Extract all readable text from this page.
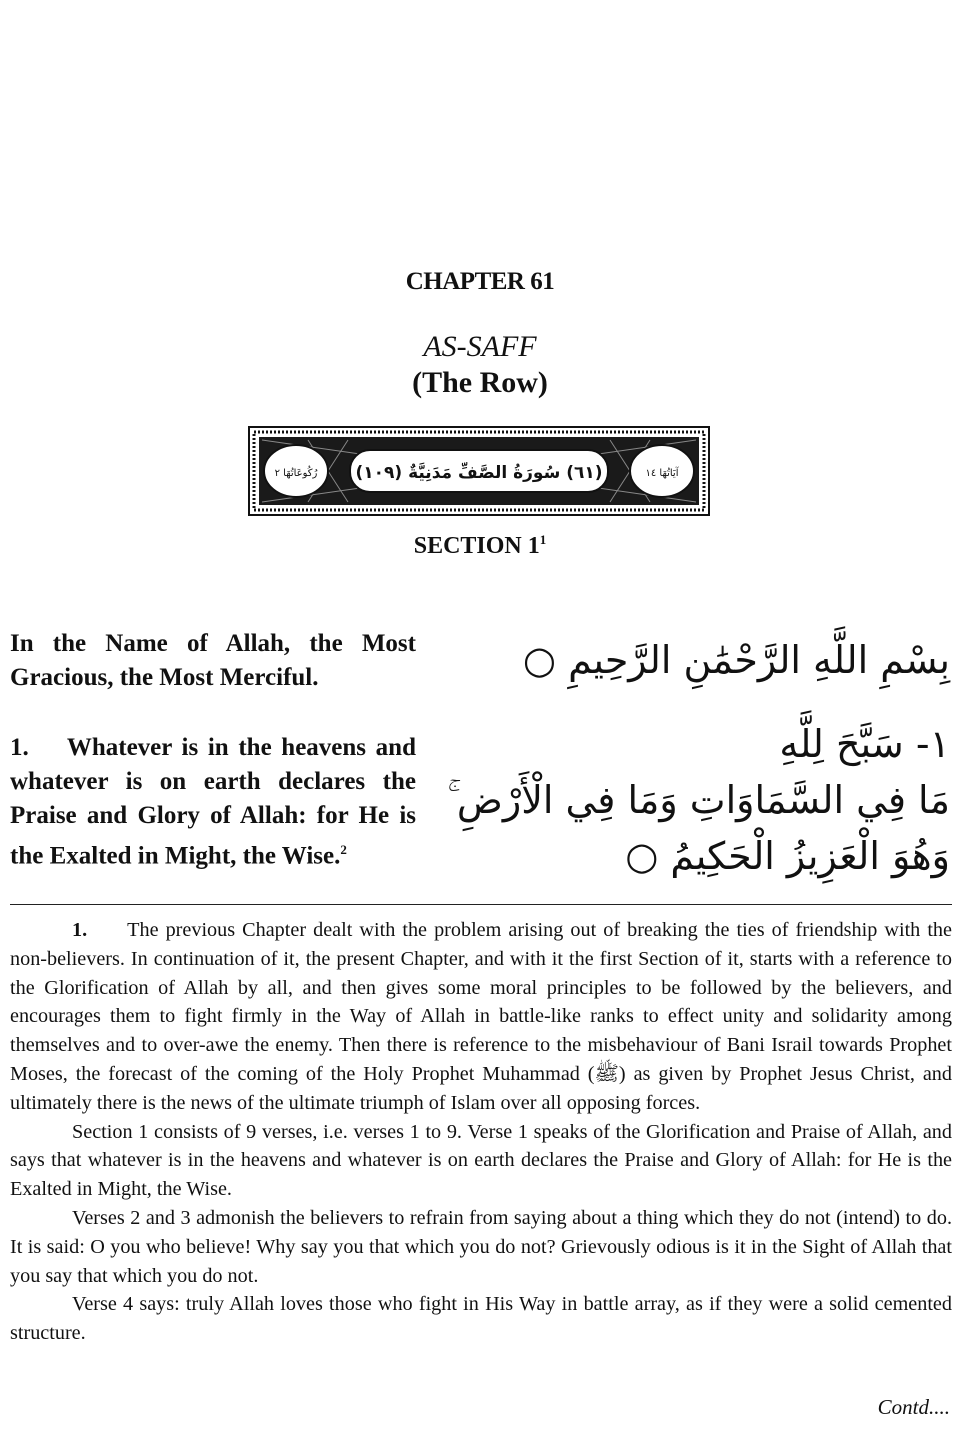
CHAPTER 61
AS-SAFF
(The Row)
(٦١) سُورَةُ الصَّفِّ مَدَنِيَّةٌ (١٠٩)
رُكُوعَاتُهَا ٢	آيَاتُهَا ١٤
SECTION $1^1$
In the Name of Allah, the Most Gracious, the Most Merciful.	بِسْمِ اللَّهِ الرَّحْمَٰنِ الرَّحِيمِ ○
1.    Whatever is in the heavens and whatever is on earth declares the Praise and Glory of Allah: for He is the Exalted in Might, the Wise.$^2$
١- سَبَّحَ لِلَّهِ
مَا فِي السَّمَاوَاتِ وَمَا فِي الْأَرْضِ ۚ
وَهُوَ الْعَزِيزُ الْحَكِيمُ ○

1. The previous Chapter dealt with the problem arising out of breaking the ties of friendship with the non-believers. In continuation of it, the present Chapter, and with it the first Section of it, starts with a reference to the Glorification of Allah by all, and then gives some moral principles to be followed by the believers, and encourages them to fight firmly in the Way of Allah in battle-like ranks to effect unity and solidarity among themselves and to over-awe the enemy. Then there is reference to the misbehaviour of Bani Israil towards Prophet Moses, the forecast of the coming of the Holy Prophet Muhammad (ﷺ) as given by Prophet Jesus Christ, and ultimately there is the news of the ultimate triumph of Islam over all opposing forces.

Section 1 consists of 9 verses, i.e. verses 1 to 9. Verse 1 speaks of the Glorification and Praise of Allah, and says that whatever is in the heavens and whatever is on earth declares the Praise and Glory of Allah: for He is the Exalted in Might, the Wise.

Verses 2 and 3 admonish the believers to refrain from saying about a thing which they do not (intend) to do. It is said: O you who believe! Why say you that which you do not? Grievously odious is it in the Sight of Allah that you say that which you do not.

Verse 4 says: truly Allah loves those who fight in His Way in battle array, as if they were a solid cemented structure.

Contd....
